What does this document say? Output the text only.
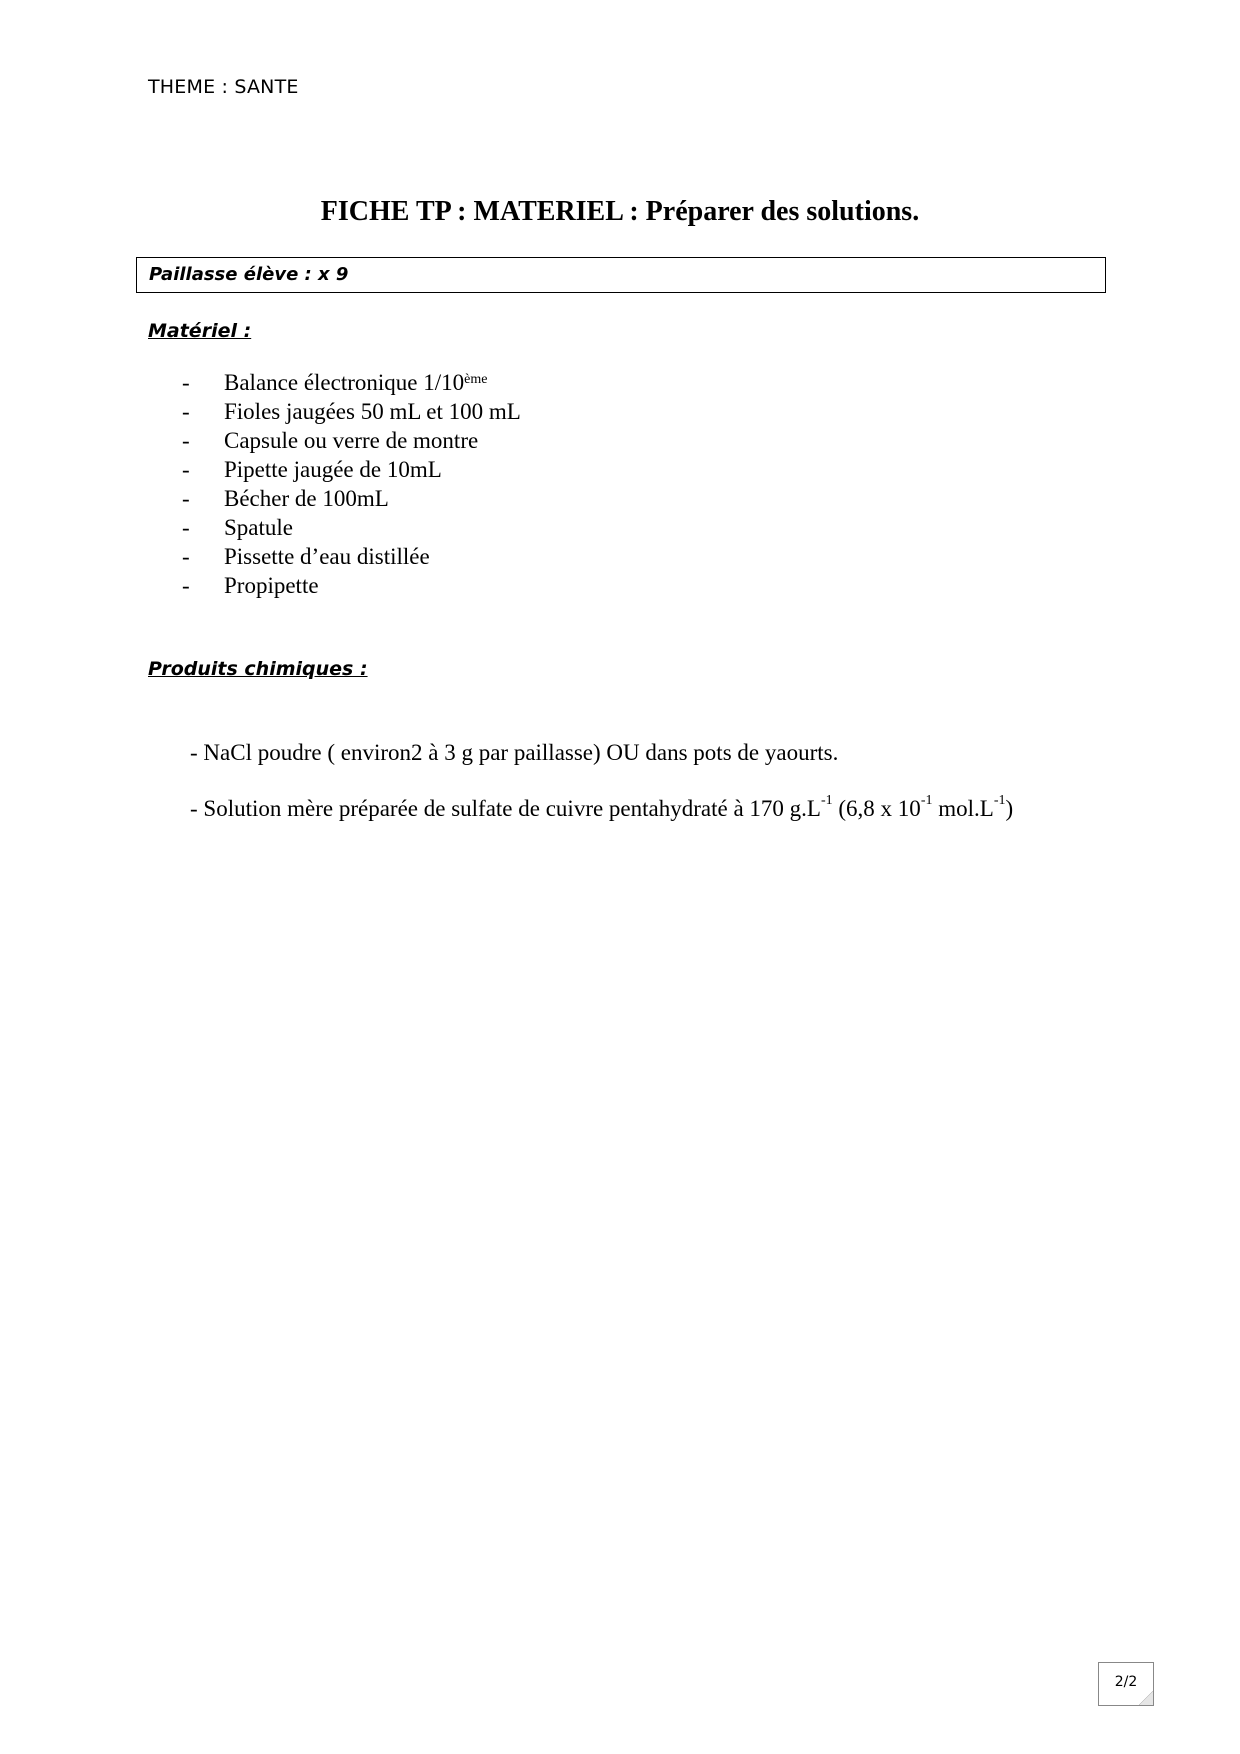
THEME : SANTE
FICHE TP : MATERIEL : Préparer des solutions.
Paillasse élève : x 9
Matériel :
- Balance électronique 1/10ème
- Fioles jaugées 50 mL et 100 mL
- Capsule ou verre de montre
- Pipette jaugée de 10mL
- Bécher de 100mL
- Spatule
- Pissette d’eau distillée
- Propipette
Produits chimiques :
- NaCl poudre ( environ2 à 3 g par paillasse) OU dans pots de yaourts.
- Solution mère préparée de sulfate de cuivre pentahydraté à 170 $g.L^{-1}$ (6,8 x $10^{-1}$ $mol.L^{-1}$)
2/2
